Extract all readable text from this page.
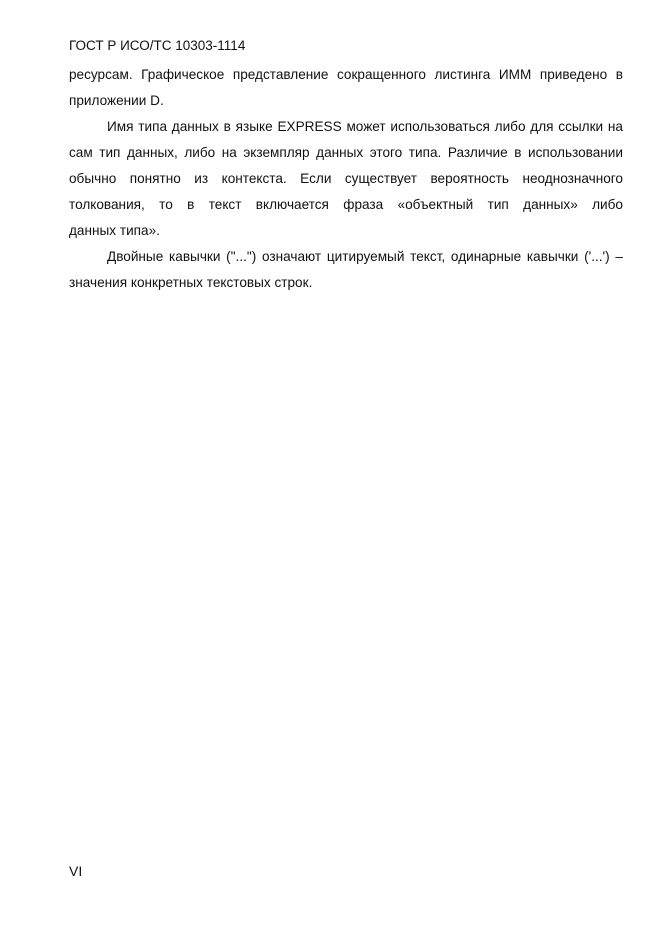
ГОСТ Р ИСО/ТС 10303-1114
ресурсам. Графическое представление сокращенного листинга ИММ приведено в
приложении D.
Имя типа данных в языке EXPRESS может использоваться либо для ссылки на
сам тип данных, либо на экземпляр данных этого типа. Различие в использовании
обычно понятно из контекста. Если существует вероятность неоднозначного
толкования, то в текст включается фраза «объектный тип данных» либо
данных типа».
Двойные кавычки ("...") означают цитируемый текст, одинарные кавычки ('...') –
значения конкретных текстовых строк.
VI
